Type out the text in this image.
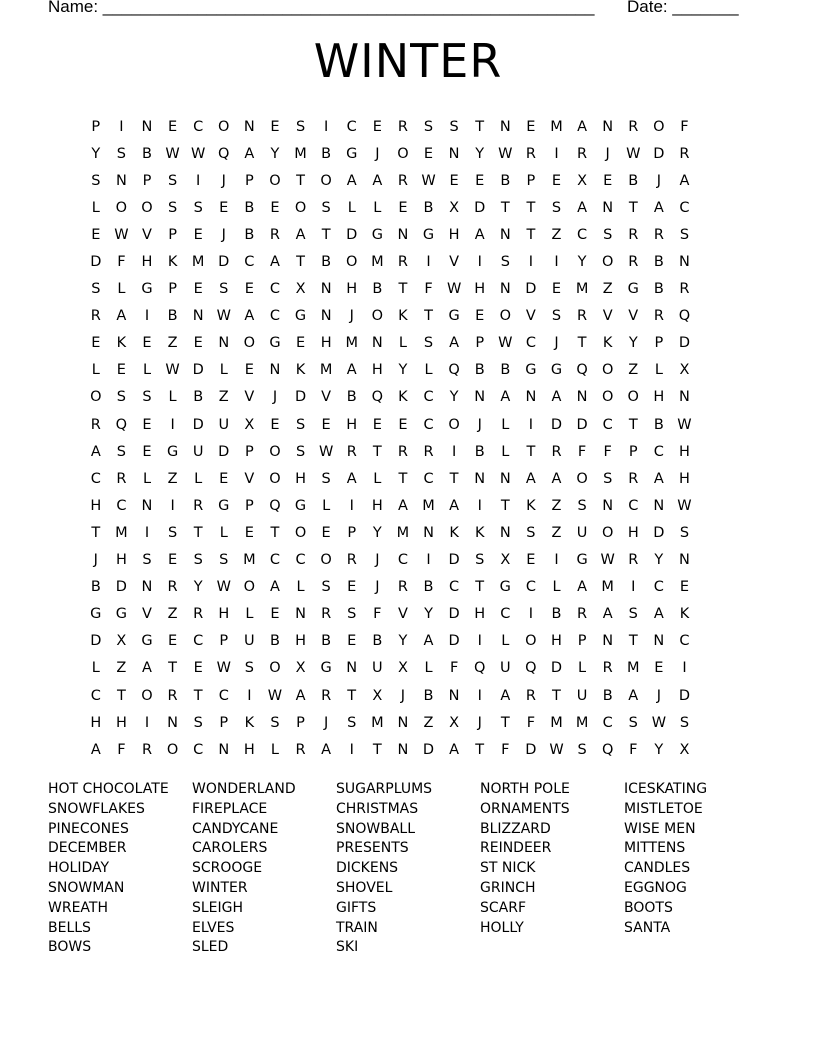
Name: ____________________________________________________ Date: _______
WINTER
P	I	N	E	C	O N	E	S	I	C	E	R	S	S	T	N	E	M A	N	R	O	F
Y	S	B W W Q	A	Y	M B	G	J	O	E	N	Y W R	I	R	J	W D	R
S	N	P	S	I	J	P	O	T	O	A	A	R W E	E	B	P	E	X	E	B	J	A
L	O O	S	S	E	B	E	O	S	L	L	E	B	X	D	T	T	S	A	N	T	A	C
E W V	P	E	J	B	R	A	T	D G	N	G	H	A	N	T	Z	C	S	R	R	S
D	F	H	K	M D	C	A	T	B	O M R	I	V	I	S	I	I	Y	O	R	B	N
S	L	G	P	E	S	E	C	X	N	H	B	T	F W H	N	D	E	M Z	G	B	R
R	A	I	B	N W A	C	G	N	J	O	K	T	G	E	O	V	S	R	V	V	R	Q
E	K	E	Z	E	N O G	E	H M N	L	S	A	P W C	J	T	K	Y	P	D
L	E	L W D	L	E	N	K	M A	H	Y	L	Q	B	B	G G Q O	Z	L	X
O	S	S	L	B	Z	V	J	D	V	B	Q	K	C	Y	N	A	N	A	N O O H	N
R	Q	E	I	D	U	X	E	S	E	H	E	E	C	O	J	L	I	D D	C	T	B W
A	S	E	G	U	D	P	O	S W R	T	R	R	I	B	L	T	R	F	F	P	C	H
C	R	L	Z	L	E	V	O H	S	A	L	T	C	T	N	N	A	A	O	S	R	A	H
H	C	N	I	R	G	P	Q G	L	I	H	A M A	I	T	K	Z	S	N	C	N W
T	M	I	S	T	L	E	T	O	E	P	Y	M N	K	K	N	S	Z	U	O H	D	S
J	H	S	E	S	S	M C	C	O	R	J	C	I	D	S	X	E	I	G W R	Y	N
B	D	N	R	Y W O	A	L	S	E	J	R	B	C	T	G	C	L	A M	I	C	E
G G	V	Z	R	H	L	E	N	R	S	F	V	Y	D	H	C	I	B	R	A	S	A	K
D	X	G	E	C	P	U	B	H	B	E	B	Y	A	D	I	L	O H	P	N	T	N	C
L	Z	A	T	E W S	O	X	G	N	U	X	L	F	Q	U	Q D	L	R M	E	I
C	T	O	R	T	C	I	W A	R	T	X	J	B	N	I	A	R	T	U	B	A	J	D
H	H	I	N	S	P	K	S	P	J	S	M N	Z	X	J	T	F	M M C	S W S
A	F	R	O	C	N	H	L	R	A	I	T	N	D	A	T	F	D W S	Q	F	Y	X
HOT CHOCOLATE
SNOWFLAKES
PINECONES
DECEMBER
HOLIDAY
SNOWMAN
WREATH
BELLS
BOWS
WONDERLAND
FIREPLACE
CANDYCANE
CAROLERS
SCROOGE
WINTER
SLEIGH
ELVES
SLED
SUGARPLUMS
CHRISTMAS
SNOWBALL
PRESENTS
DICKENS
SHOVEL
GIFTS
TRAIN
SKI
NORTH POLE
ORNAMENTS
BLIZZARD
REINDEER
ST NICK
GRINCH
SCARF
HOLLY
ICESKATING
MISTLETOE
WISE MEN
MITTENS
CANDLES
EGGNOG
BOOTS
SANTA
